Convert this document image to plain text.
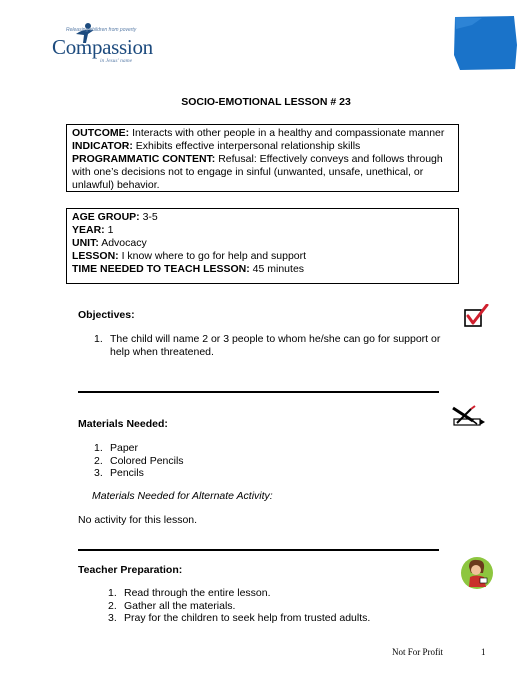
Releasing children from poverty
Compassion
in Jesus' name
SOCIO-EMOTIONAL LESSON # 23
OUTCOME: Interacts with other people in a healthy and compassionate manner
INDICATOR: Exhibits effective interpersonal relationship skills
PROGRAMMATIC CONTENT: Refusal: Effectively conveys and follows through with one’s decisions not to engage in sinful (unwanted, unsafe, unethical, or unlawful) behavior.
AGE GROUP: 3-5
YEAR: 1
UNIT: Advocacy
LESSON: I know where to go for help and support
TIME NEEDED TO TEACH LESSON: 45 minutes
Objectives:
1. The child will name 2 or 3 people to whom he/she can go for support or help when threatened.
Materials Needed:
1. Paper
2. Colored Pencils
3. Pencils
Materials Needed for Alternate Activity:
No activity for this lesson.
Teacher Preparation:
1. Read through the entire lesson.
2. Gather all the materials.
3. Pray for the children to seek help from trusted adults.
Not For Profit	1
